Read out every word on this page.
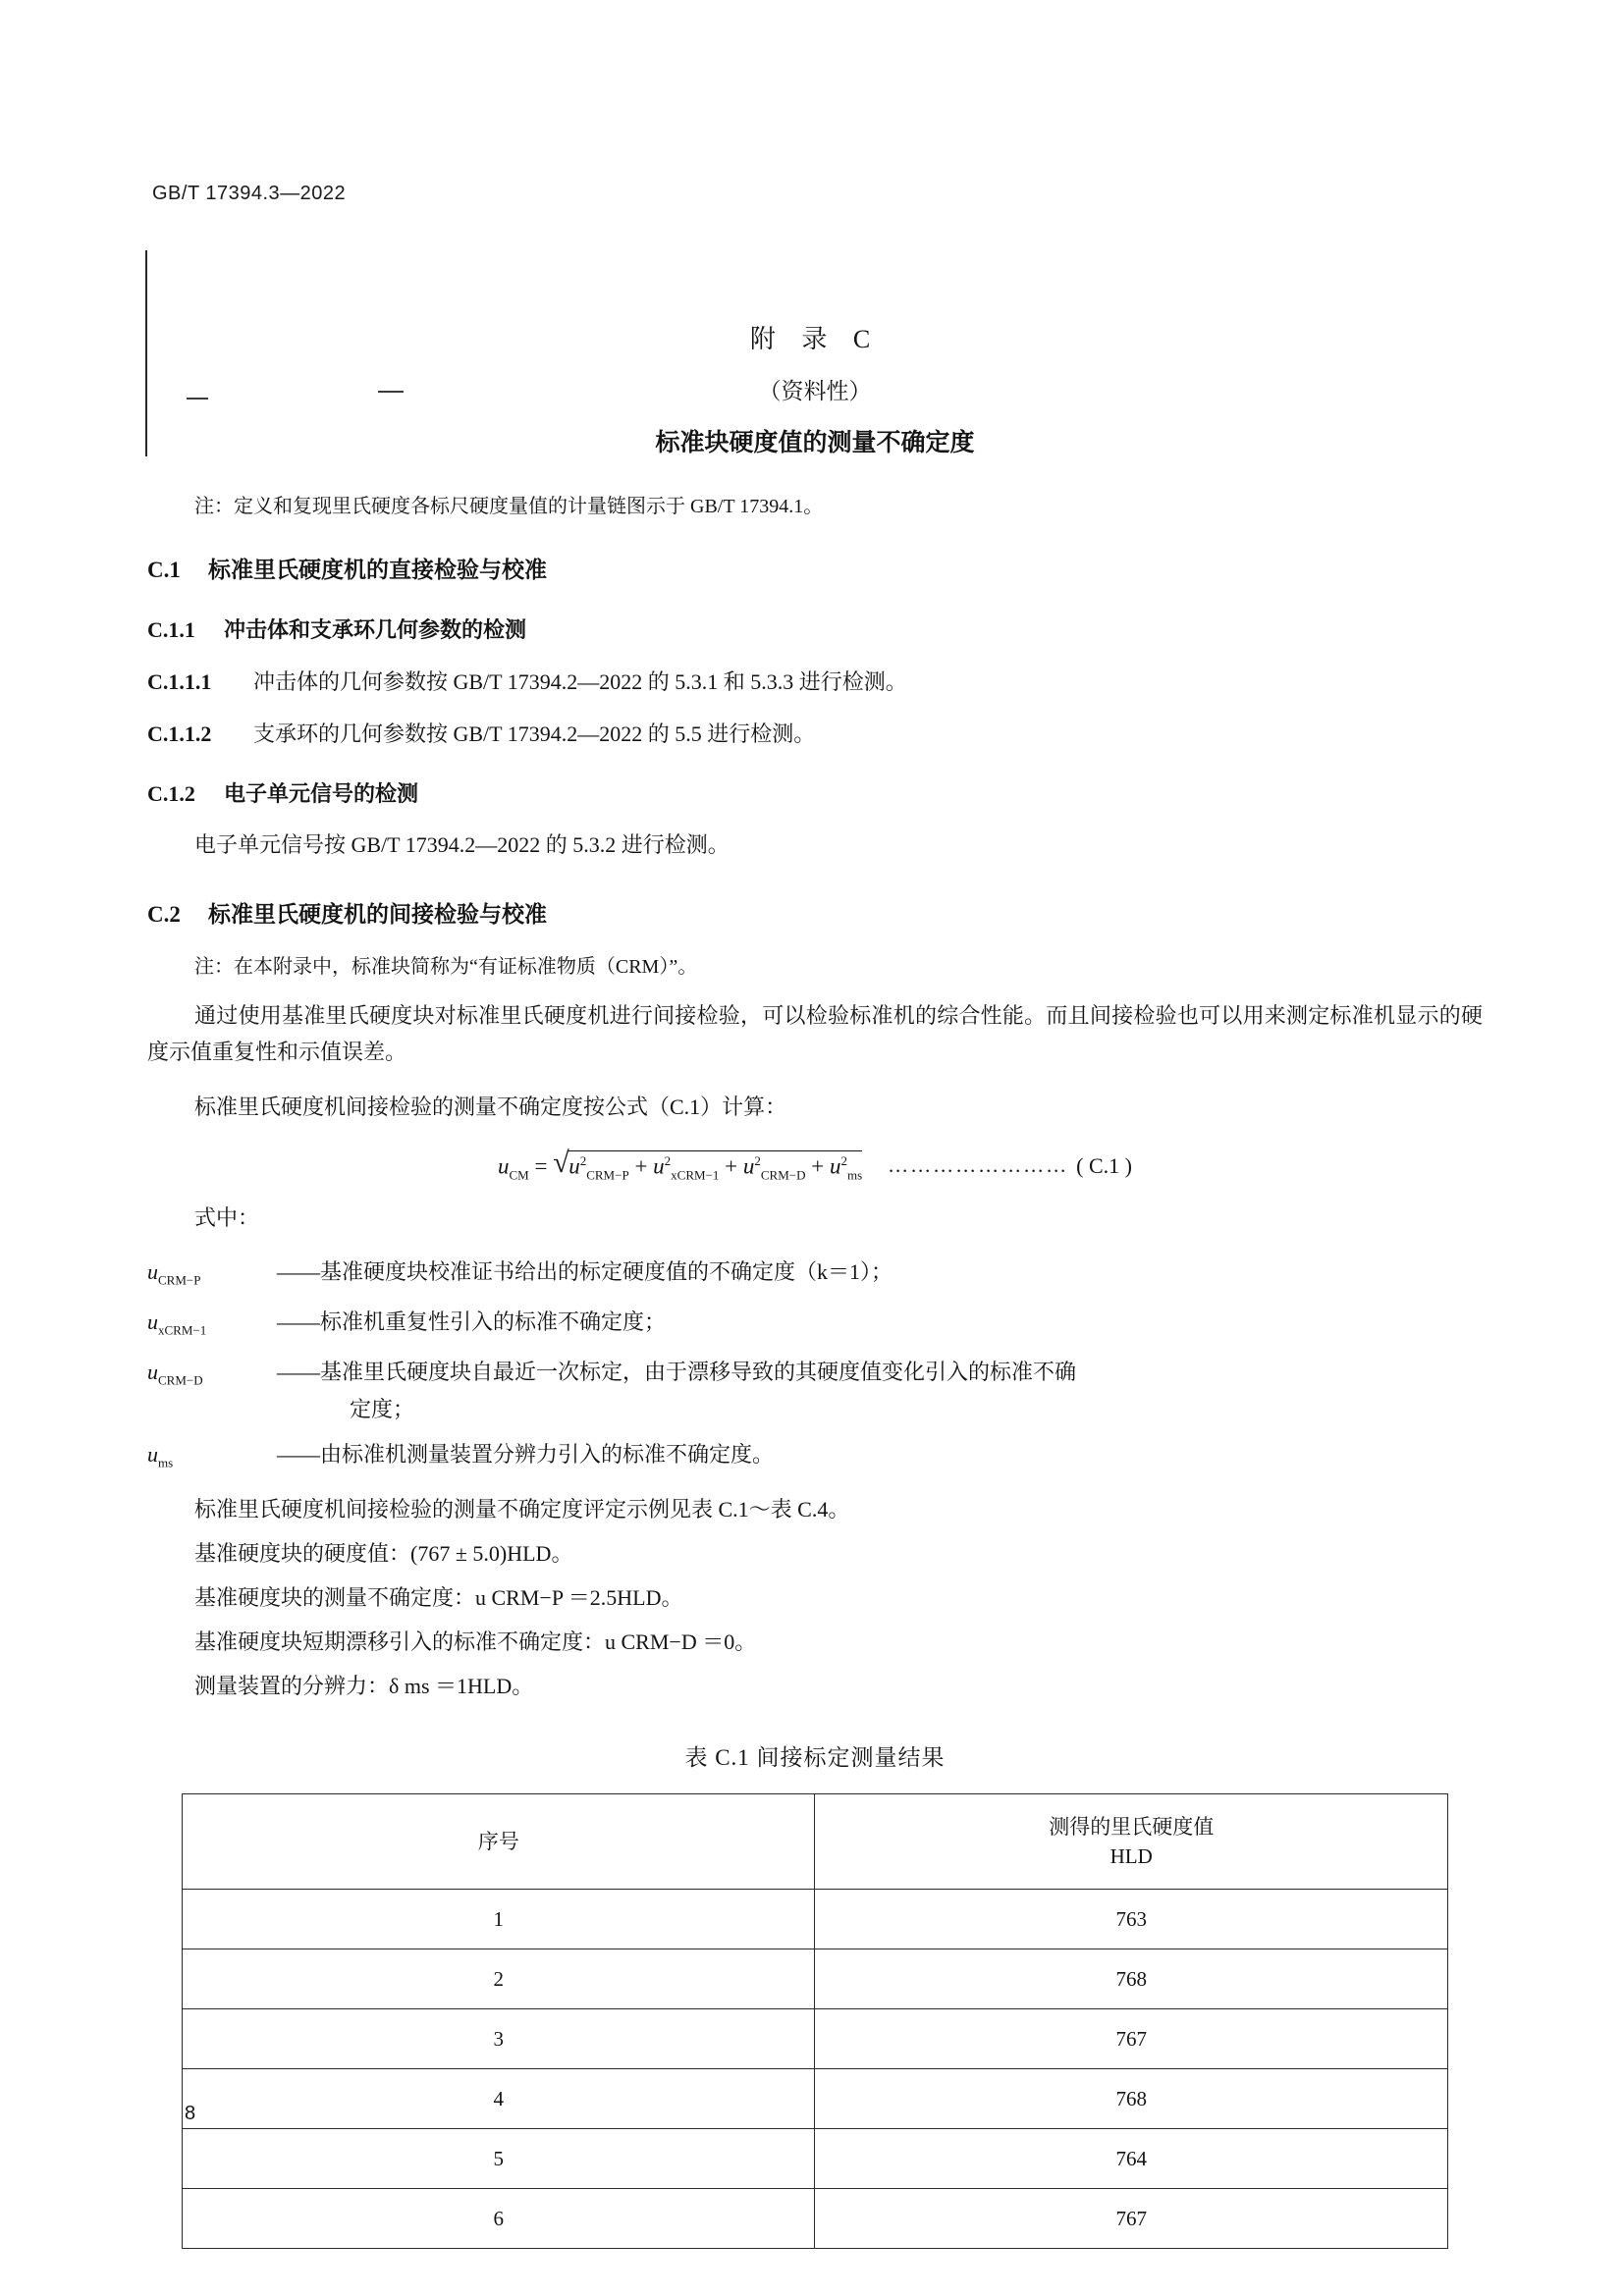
GB/T 17394.3—2022
附 录 C
（资料性）
标准块硬度值的测量不确定度
注：定义和复现里氏硬度各标尺硬度量值的计量链图示于 GB/T 17394.1。
C.1 标准里氏硬度机的直接检验与校准
C.1.1 冲击体和支承环几何参数的检测
C.1.1.1 冲击体的几何参数按 GB/T 17394.2—2022 的 5.3.1 和 5.3.3 进行检测。
C.1.1.2 支承环的几何参数按 GB/T 17394.2—2022 的 5.5 进行检测。
C.1.2 电子单元信号的检测
电子单元信号按 GB/T 17394.2—2022 的 5.3.2 进行检测。
C.2 标准里氏硬度机的间接检验与校准
注：在本附录中，标准块简称为“有证标准物质（CRM）”。
通过使用基准里氏硬度块对标准里氏硬度机进行间接检验，可以检验标准机的综合性能。而且间接检验也可以用来测定标准机显示的硬度示值重复性和示值误差。
标准里氏硬度机间接检验的测量不确定度按公式（C.1）计算：
$u_{CM}$ = √ $u^2_{CRM-P} + u^2_{xCRM-1} + u^2_{CRM-D} + u^2_{ms}$ …………………… ( C.1 )
式中：
$u_{CRM-P}$	——基准硬度块校准证书给出的标定硬度值的不确定度（k＝1）；
$u_{xCRM-1}$	——标准机重复性引入的标准不确定度；
$u_{CRM-D}$	——基准里氏硬度块自最近一次标定，由于漂移导致的其硬度值变化引入的标准不确
定度；
$u_{ms}$	——由标准机测量装置分辨力引入的标准不确定度。
标准里氏硬度机间接检验的测量不确定度评定示例见表 C.1～表 C.4。
基准硬度块的硬度值：(767 ± 5.0)HLD。
基准硬度块的测量不确定度：u CRM−P ＝2.5HLD。
基准硬度块短期漂移引入的标准不确定度：u CRM−D ＝0。
测量装置的分辨力：δ ms ＝1HLD。
表 C.1 间接标定测量结果
序号	测得的里氏硬度值
HLD

1	763
2	768
3	767
4	768
5	764
6	767
8
